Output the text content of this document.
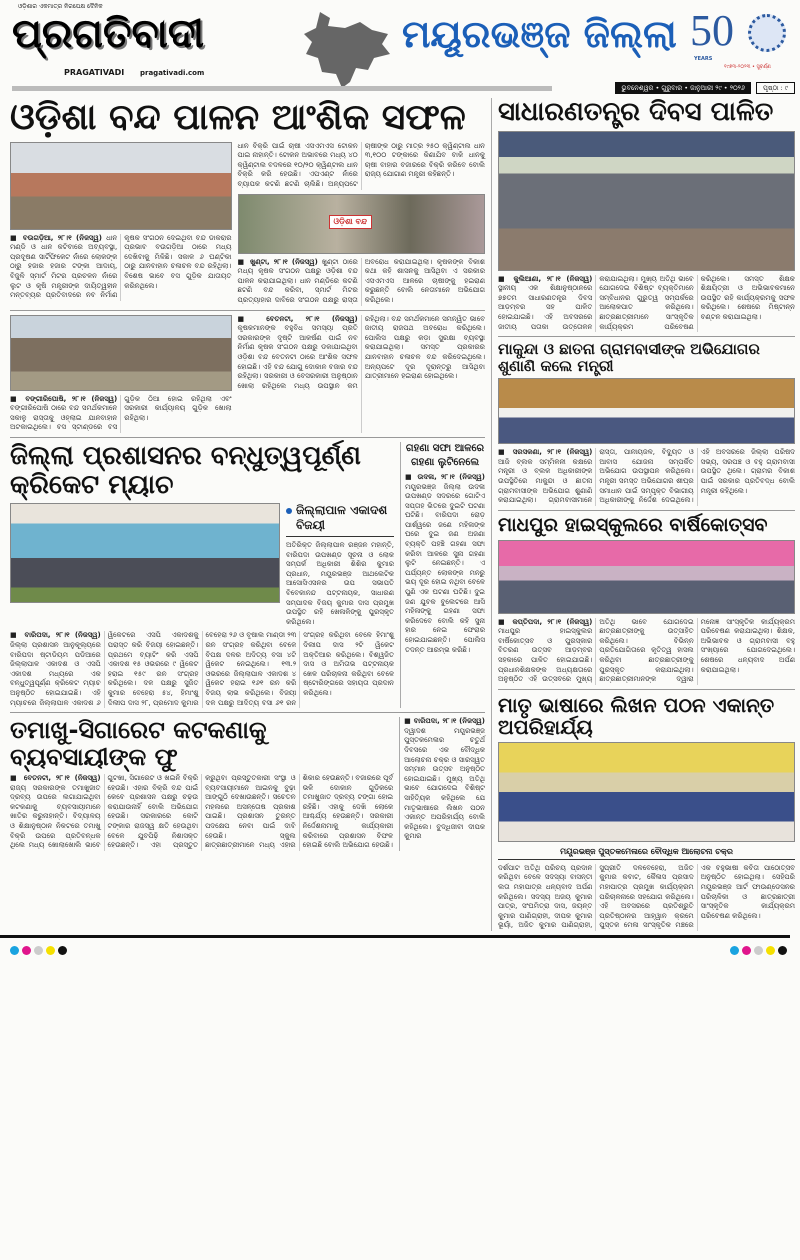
ଓଡ଼ିଶାର ଏକମାତ୍ର ନିରପେକ୍ଷ ଦୈନିକ
ପ୍ରଗତିବାଦୀ
PRAGATIVADI pragativadi.com
ମୟୂରଭଞ୍ଜ ଜିଲ୍ଲା 50
YEARS
୧୯୭୩-୨୦୨୩ • ସୁବର୍ଣ୍ଣ
ଭୁବନେଶ୍ୱର • ଗୁରୁବାର • ଜାନୁଆରୀ ୨୯ • ୨୦୨୬	ପୃଷ୍ଠା : ୯
ଓଡ଼ିଶା ବନ୍ଦ ପାଳନ ଆଂଶିକ ସଫଳ
■ ବଉଗଡ଼ିଆ, ୨୮।୧ (ନିଜସ୍ୱ) ଧାନ ମଣ୍ଡି ଓ ଧାନ କଟିବାରେ ଅବ୍ୟବସ୍ଥା, ପ୍ରଦୂଷଣ ସାର୍ଟିଫିକେଟ ନାଁରେ ଲୋକଙ୍କ ଠାରୁ ହଜାର ହଜାର ଟଙ୍କା ଆଦାୟ, ବିଜୁଳି ସ୍ମାର୍ଟ ମିଟର ପ୍ରଚଳନ ନାଁରେ ଲୁଟ ଓ କୃଷି ମନ୍ତ୍ରୀଙ୍କ ଦାୟିତ୍ୱହୀନ ମନ୍ତବ୍ୟର ପ୍ରତିବାଦରେ ନବ ନିର୍ମାଣ କୃଷକ ସଂଗଠନ ଦେଇଥିବା ବନ୍ଦ ଡାକରାର ପ୍ରଭାବ ବଉଗଡ଼ିଆ ଠାରେ ମଧ୍ୟ ଦେଖିବାକୁ ମିଳିଛି। ସକାଳ ୬ ଘଣ୍ଟିକା ଠାରୁ ଯାନବାହାନ ଚଳାଚଳ ବନ୍ଦ ରହିଥିଲା। ବିଶେଷ ଭାବେ ବସ ଗୁଡ଼ିକ ଯାତାୟତ କରିନଥିଲେ।
ଧାନ ବିକ୍ରି ପାଇଁ ଚାଷୀ ଏସଏମଏସ ଟୋକନ ପାଇ ନାହାନ୍ତି। ଟୋକନ ଅଭାବରେ ମଧ୍ୟ ୪୦ କ୍ୱିଣ୍ଟାଲ ବଦଳରେ ୧୦/୨୦ କ୍ୱିଣ୍ଟାଲ ଧାନ ବିକ୍ରି କରି ହେଉଛି। ଏପଏଣ୍ଟ ନାଁରେ ବ୍ୟାପକ କଟଣି ଛଟଣି ଚାଲିଛି। ଅନ୍ୟପଟେ ଚାଷୀଙ୍କ ଠାରୁ ମାତ୍ର ୨୫୦ କ୍ୱିଣ୍ଟାଲ ଧାନ ୩,୧୦୦ ଟଙ୍କାରେ କିଣାଯିବ ବାକି ଧାନକୁ ଚାଷୀ ବାହାର ବଜାରରେ ବିକ୍ରି କରିବେ ବୋଲି ରାଜ୍ୟ ଯୋଗାଣ ମନ୍ତ୍ରୀ କହିଛନ୍ତି।
ଓଡ଼ିଶା ବନ୍ଦ
■ ଖୁଣ୍ଟା, ୨୮।୧ (ନିଜସ୍ୱ) ଖୁଣ୍ଟା ଠାରେ ମଧ୍ୟ କୃଷକ ସଂଗଠନ ପକ୍ଷରୁ ଓଡ଼ିଶା ବନ୍ଦ ପାଳନ କରାଯାଇଥିଲା। ଧାନ ମଣ୍ଡିରେ କଟଣି ଛଟଣି ବନ୍ଦ କରିବା, ସ୍ମାର୍ଟ ମିଟର ପ୍ରତ୍ୟାହାର ଦାବିରେ ସଂଗଠନ ପକ୍ଷରୁ ରାସ୍ତା ଅବରୋଧ କରାଯାଇଥିଲା। କୃଷକଙ୍କ ବିକାଶ କଥା କହି ଶାସନକୁ ଆସିଥିବା ଏ ସରକାର ଏସଏମଏସ ଆଳରେ ଚାଷୀଙ୍କୁ ହଇରାଣ କରୁଛନ୍ତି ବୋଲି ନେତାମାନେ ଅଭିଯୋଗ କରିଥିଲେ।
■ ବଙ୍ଗୀରିପୋଷି, ୨୮।୧ (ନିଜସ୍ୱ) ବଙ୍ଗୀରିପୋଷି ଠାରେ ବନ୍ଦ ସମର୍ଥକମାନେ ସକାଳୁ ରାସ୍ତାକୁ ଓହ୍ଲାଇ ଯାନବାହାନ ଅଟକାଇଥିଲେ। ବସ ସ୍ଟାଣ୍ଡରେ ବସ ଗୁଡ଼ିକ ଠିଆ ହୋଇ ରହିଥିଲା ଏବଂ ସରକାରୀ କାର୍ଯ୍ୟାଳୟ ଗୁଡ଼ିକ ଖୋଲା ରହିଥିଲା।
■ ବେତନଟୀ, ୨୮।୧ (ନିଜସ୍ୱ) କୃଷକମାନଙ୍କ ବହୁବିଧ ସମସ୍ୟା ପ୍ରତି ସରକାରଙ୍କ ଦୃଷ୍ଟି ଆକର୍ଷଣ ପାଇଁ ନବ ନିର୍ମାଣ କୃଷକ ସଂଗଠନ ପକ୍ଷରୁ ଡକାଯାଇଥିବା ଓଡ଼ିଶା ବନ୍ଦ ବେତନଟୀ ଠାରେ ଆଂଶିକ ସଫଳ ହୋଇଛି। ଏହି ବନ୍ଦ ଯୋଗୁ ଦୋକାନ ବଜାର ବନ୍ଦ ରହିଥିଲା। ସରକାରୀ ଓ ବେସରକାରୀ ଅନୁଷ୍ଠାନ ଖୋଲା ରହିଥିଲେ ମଧ୍ୟ ଉପସ୍ଥାନ କମ ରହିଥିଲା। ବନ୍ଦ ସମର୍ଥକମାନେ ସମନ୍ୱିତ ଭାବେ ଜାତୀୟ ରାଜପଥ ଅବରୋଧ କରିଥିଲେ। ପୋଲିସ ପକ୍ଷରୁ କଡ଼ା ସୁରକ୍ଷା ବ୍ୟବସ୍ଥା କରାଯାଇଥିଲା। ସମସ୍ତ ପ୍ରକାରର ଯାନବାହାନ ଚଳାଚଳ ବନ୍ଦ କରିଦେଇଥିଲେ। ଅନ୍ୟପଟେ ଦୂର ଦୂରାନ୍ତରୁ ଆସିଥିବା ଯାତ୍ରୀମାନେ ହଇରାଣ ହୋଇଥିଲେ।
ଜିଲ୍ଲା ପ୍ରଶାସନର ବନ୍ଧୁତ୍ୱପୂର୍ଣ୍ଣ କ୍ରିକେଟ ମ୍ୟାଚ
ଜିଲ୍ଲାପାଳ ଏକାଦଶ ବିଜୟୀ
ଅତିରିକ୍ତ ଜିଲ୍ଲାପାଳ ରଞ୍ଜନ ମହାନ୍ତି, ବାରିପଦା ଉପଖଣ୍ଡ ସୂଚନା ଓ ଲୋକ ସମ୍ପର୍କ ଅଧିକାରୀ ଶିଶିର କୁମାର ପ୍ରଧାନ, ମୟୂରଭଞ୍ଜ ଆଥଲେଟିକ ଆସୋସିଏସନର ଉପ ସଭାପତି ବିବେକାନନ୍ଦ ପଟ୍ଟନାୟକ, ସାଧାରଣ ସମ୍ପାଦକ ବିଜୟ କୁମାର ଦାସ ପ୍ରମୁଖ ଉପସ୍ଥିତ ରହି ଖେଳାଳିଙ୍କୁ ପୁରସ୍କୃତ କରିଥିଲେ।
■ ବାରିପଦା, ୨୮।୧ (ନିଜସ୍ୱ) ଜିଲ୍ଲା ପ୍ରଶାସନ ଆନୁକୂଲ୍ୟରେ ବାରିପଦା ଷ୍ଟାଡିୟମ ପଡିଆରେ ଜିଲ୍ଲାପାଳ ଏକାଦଶ ଓ ଏସପି ଏକାଦଶ ମଧ୍ୟରେ ଏକ ବନ୍ଧୁତ୍ୱପୂର୍ଣ୍ଣ କ୍ରିକେଟ ମ୍ୟାଚ ଅନୁଷ୍ଠିତ ହୋଇଯାଇଛି। ଏହି ମ୍ୟାଚରେ ଜିଲ୍ଲାପାଳ ଏକାଦଶ ୬ ୱିକେଟରେ ଏସପି ଏକାଦଶକୁ ପରାସ୍ତ କରି ବିଜୟୀ ହୋଇଛନ୍ତି। ପ୍ରଥମେ ବ୍ୟାଟିଂ କରି ଏସପି ଏକାଦଶ ୧୫ ଓଭରରେ ୯ ୱିକେଟ ହରାଇ ୧୫୯ ରନ ସଂଗ୍ରହ କରିଥିଲେ। ଦଳ ପକ୍ଷରୁ ସୁଜିତ କୁମାର ବେହେରା ୫୪, ହିମାଂଶୁ ଦିଲୀପ ଦାସ ୨୮, ପ୍ରମୋଦ କୁମାର ବେହେରା ୨୬ ଓ ବୃଷାଲ ମାଣ୍ଡୀ ୨୩ ରନ ସଂଗ୍ରହ କରିଥିବା ବେଳେ ବିପକ୍ଷ ଦଳର ଅଦିତ୍ୟ ବସା ୪ଟି ୱିକେଟ ନେଇଥିଲେ। ୧୩.୨ ଓଭରରେ ଜିଲ୍ଲାପାଳ ଏକାଦଶ ୪ ୱିକେଟ ହରାଇ ୧୬୧ ରନ କରି ବିଜୟ ଲାଭ କରିଥିଲେ। ବିଜୟୀ ଦଳ ପକ୍ଷରୁ ଆଦିତ୍ୟ ବସା ୬୧ ରନ ସଂଗ୍ରହ କରିଥିବା ବେଳେ ହିମାଂଶୁ ଦିଲୀପ ଦାସ ୨ଟି ୱିକେଟ ଅକ୍ତିଆର କରିଥିଲେ। ବିଶ୍ୱଜିତ ଦାସ ଓ ଅମିତାଭ ପଟ୍ଟନାୟକ ଖେଳ ପରିଚାଳନା କରିଥିବା ବେଳେ ଷ୍ଟୋରିଙ୍ଗରେ ସହାୟତା ପ୍ରଦାନ କରିଥିଲେ।
ଗହଣା ସଫା ଆଳରେ ଗହଣା ଲୁଟିନେଲେ
■ ଉଦଳା, ୨୮।୧ (ନିଜସ୍ୱ) ମୟୂରଭଞ୍ଜ ଜିଲ୍ଲା ଉଦଳା ଉପଖଣ୍ଡ ସଦରରେ ଗୋଟିଏ ସପ୍ତାହ ଭିତରେ ଦୁଇଟି ଘଟଣା ଘଟିଛି। ବାରିପଦା ରୋଡ଼ ପାର୍ଶ୍ୱରେ ଜଣେ ମହିଳାଙ୍କ ଘରେ ଦୁଇ ଜଣ ଅଜଣା ବ୍ୟକ୍ତି ପହଞ୍ଚି ଗହଣା ସଫା କରିବା ଆଳରେ ସୁନା ଗହଣା ଲୁଟି ନେଇଛନ୍ତି। ଏ ପର୍ଯ୍ୟନ୍ତ ଲୋକଙ୍କ ମନରୁ ଭୟ ଦୂର ହୋଇ ନଥିବା ବେଳେ ପୁଣି ଏକ ଘଟଣା ଘଟିଛି। ଦୁଇ ଜଣ ଯୁବକ ବୁଲେଟରେ ଆସି ମହିଳାଙ୍କୁ ଗହଣା ସଫା କରିଦେବେ ବୋଲି କହି ସୁନା ହାର ନେଇ ଫେରାର ହୋଇଯାଇଛନ୍ତି। ପୋଲିସ ତଦନ୍ତ ଆରମ୍ଭ କରିଛି।
ତମାଖୁ-ସିଗାରେଟ କଟକଣାକୁ ବ୍ୟବସାୟୀଙ୍କ ଫୁ
■ ବେତନଟୀ, ୨୮।୧ (ନିଜସ୍ୱ) ରାଜ୍ୟ ସରକାରଙ୍କ ତମାଖୁଜାତ ଦ୍ରବ୍ୟ ଉପରେ ଲଗାଯାଇଥିବା କଟକଣାକୁ ବ୍ୟବସାୟୀମାନେ ଖାତିର କରୁନାହାନ୍ତି। ବିଦ୍ୟାଳୟ ଓ ଶିକ୍ଷାନୁଷ୍ଠାନ ନିକଟରେ ତମାଖୁ ବିକ୍ରି ଉପରେ ପ୍ରତିବନ୍ଧକ ଥିଲେ ମଧ୍ୟ ଖୋଲାଖୋଲି ଭାବେ ଗୁଟଖା, ସିଗାରେଟ ଓ ଖଇନି ବିକ୍ରି ହେଉଛି। ଏହାର ବିକ୍ରି ବନ୍ଦ ପାଇଁ କେବେ ପ୍ରଶାସନ ପକ୍ଷରୁ ଚଢ଼ଉ କରାଯାଉନାହିଁ ବୋଲି ଅଭିଯୋଗ ହେଉଛି। ସରକାରରେ କୋଟି ଟଙ୍କାର ରାଜସ୍ୱ କ୍ଷତି ହେଉଥିବା ବେଳେ ଯୁବପିଢ଼ି ନିଶାସକ୍ତ ହେଉଛନ୍ତି। ଏହା ପ୍ରସ୍ତୁତ କରୁଥିବା ପ୍ରସ୍ତୁତକାରୀ ସଂସ୍ଥା ଓ ବ୍ୟବସାୟୀମାନେ ଆଇନକୁ ବୁଢ଼ା ଆଙ୍ଗୁଠି ଦେଖାଉଛନ୍ତି। ସଚେତନ ମହଲରେ ଅସନ୍ତୋଷ ପ୍ରକାଶ ପାଇଛି। ପ୍ରଶାସନ ତୁରନ୍ତ ପଦକ୍ଷେପ ନେବା ପାଇଁ ଦାବି ହେଉଛି। ସ୍କୁଲ ଛାତ୍ରଛାତ୍ରୀମାନେ ମଧ୍ୟ ଏହାର ଶିକାର ହେଉଛନ୍ତି। ବଜାରରେ ପୂର୍ବ ଭଳି ଦୋକାନ ଗୁଡ଼ିକରେ ତମାଖୁଜାତ ଦ୍ରବ୍ୟ ଟଙ୍ଗା ହୋଇ ରହିଛି। ଏହାକୁ ଦେଖି ଲୋକେ ଆଶ୍ଚର୍ଯ୍ୟ ହେଉଛନ୍ତି। ସରକାରୀ ନିର୍ଦ୍ଦେଶନାମାକୁ କାର୍ଯ୍ୟକାରୀ କରିବାରେ ପ୍ରଶାସନ ବିଫଳ ହୋଇଛି ବୋଲି ଅଭିଯୋଗ ହେଉଛି।
■ ବାରିପଦା, ୨୮।୧ (ନିଜସ୍ୱ) ଦ୍ୱାଦଶ ମୟୂରଭଞ୍ଜ ପୁସ୍ତକମେଳାର ଚତୁର୍ଥ ଦିବସରେ ଏକ ବୌଦ୍ଧିକ ଆଲୋଚନା ଚକ୍ର ଓ ସାରସ୍ୱତ ସମ୍ମାନ ଉତ୍ସବ ଅନୁଷ୍ଠିତ ହୋଇଯାଇଛି। ମୁଖ୍ୟ ଅତିଥି ଭାବେ ଯୋଗଦେଇ ବିଶିଷ୍ଟ ସାହିତ୍ୟିକ କହିଥିଲେ ଯେ ମାତୃଭାଷାରେ ଲିଖନ ପଠନ ଏକାନ୍ତ ଅପରିହାର୍ଯ୍ୟ ବୋଲି କହିଥିଲେ। ବୁଦ୍ଧିଜୀବୀ ଦୀପକ କୁମାର
ସାଧାରଣତନ୍ତ୍ର ଦିବସ ପାଳିତ
■ କୁଲିଆଣା, ୨୮।୧ (ନିଜସ୍ୱ) ସ୍ଥାନୀୟ ଏକ ଶିକ୍ଷାନୁଷ୍ଠାନରେ ୭୭ତମ ସାଧାରଣତନ୍ତ୍ର ଦିବସ ଆଡ଼ମ୍ବର ସହ ପାଳିତ ହୋଇଯାଇଛି। ଏହି ଅବସରରେ ଜାତୀୟ ପତାକା ଉତ୍ତୋଳନ କରାଯାଇଥିଲା। ମୁଖ୍ୟ ଅତିଥି ଭାବେ ଯୋଗଦେଇ ବିଶିଷ୍ଟ ବ୍ୟକ୍ତିମାନେ ସମ୍ବିଧାନର ଗୁରୁତ୍ୱ ସମ୍ପର୍କରେ ଆଲୋକପାତ କରିଥିଲେ। ଛାତ୍ରଛାତ୍ରୀମାନେ ସାଂସ୍କୃତିକ କାର୍ଯ୍ୟକ୍ରମ ପରିବେଷଣ କରିଥିଲେ। ସମସ୍ତ ଶିକ୍ଷକ ଶିକ୍ଷୟିତ୍ରୀ ଓ ଅଭିଭାବକମାନେ ଉପସ୍ଥିତ ରହି କାର୍ଯ୍ୟକ୍ରମକୁ ସଫଳ କରିଥିଲେ। ଶେଷରେ ମିଷ୍ଟାନ୍ନ ବଣ୍ଟନ କରାଯାଇଥିଲା।
ମାକୁନ୍ଦା ଓ ଛାତନା ଗ୍ରାମବାସୀଙ୍କ ଅଭିଯୋଗର ଶୁଣାଣି କଲେ ମନ୍ତ୍ରୀ
■ ସରସକଣା, ୨୮।୧ (ନିଜସ୍ୱ) ଆଜି ବ୍ଲକ ସମ୍ମିଳନୀ କକ୍ଷରେ ମନ୍ତ୍ରୀ ଓ ବ୍ଲକ ଅଧିକାରୀଙ୍କ ଉପସ୍ଥିତିରେ ମାକୁନ୍ଦା ଓ ଛାତନା ଗ୍ରାମବାସୀଙ୍କ ଅଭିଯୋଗ ଶୁଣାଣି କରାଯାଇଥିଲା। ଗ୍ରାମବାସୀମାନେ ରାସ୍ତା, ପାନୀୟଜଳ, ବିଦ୍ୟୁତ ଓ ଆବାସ ଯୋଜନା ସମ୍ପର୍କିତ ଅଭିଯୋଗ ଉପସ୍ଥାପନ କରିଥିଲେ। ମନ୍ତ୍ରୀ ସମସ୍ତ ଅଭିଯୋଗର ଶୀଘ୍ର ସମାଧାନ ପାଇଁ ସମ୍ପୃକ୍ତ ବିଭାଗୀୟ ଅଧିକାରୀଙ୍କୁ ନିର୍ଦ୍ଦେଶ ଦେଇଥିଲେ। ଏହି ଅବସରରେ ଜିଲ୍ଲା ପରିଷଦ ସଭ୍ୟ, ସରପଞ୍ଚ ଓ ବହୁ ଗ୍ରାମବାସୀ ଉପସ୍ଥିତ ଥିଲେ। ଗ୍ରାମର ବିକାଶ ପାଇଁ ସରକାର ପ୍ରତିବଦ୍ଧ ବୋଲି ମନ୍ତ୍ରୀ କହିଥିଲେ।
ମାଧପୁର ହାଇସ୍କୁଲରେ ବାର୍ଷିକୋତ୍ସବ
■ କପ୍ତିପଦା, ୨୮।୧ (ନିଜସ୍ୱ) ମାଧପୁର ହାଇସ୍କୁଲର ବାର୍ଷିକୋତ୍ସବ ଓ ପୁରସ୍କାର ବିତରଣ ଉତ୍ସବ ଆଡ଼ମ୍ବର ସହକାରେ ପାଳିତ ହୋଇଯାଇଛି। ପ୍ରଧାନଶିକ୍ଷକଙ୍କ ଅଧ୍ୟକ୍ଷତାରେ ଅନୁଷ୍ଠିତ ଏହି ଉତ୍ସବରେ ମୁଖ୍ୟ ଅତିଥି ଭାବେ ଯୋଗଦେଇ ଛାତ୍ରଛାତ୍ରୀଙ୍କୁ ଉତ୍ସାହିତ କରିଥିଲେ। ବିଭିନ୍ନ ପ୍ରତିଯୋଗିତାରେ କୃତିତ୍ୱ ହାସଲ କରିଥିବା ଛାତ୍ରଛାତ୍ରୀଙ୍କୁ ପୁରସ୍କୃତ କରାଯାଇଥିଲା। ଛାତ୍ରଛାତ୍ରୀମାନଙ୍କ ଦ୍ୱାରା ମନୋଜ୍ଞ ସାଂସ୍କୃତିକ କାର୍ଯ୍ୟକ୍ରମ ପରିବେଷଣ କରାଯାଇଥିଲା। ଶିକ୍ଷକ, ଅଭିଭାବକ ଓ ଗ୍ରାମବାସୀ ବହୁ ସଂଖ୍ୟାରେ ଯୋଗଦେଇଥିଲେ। ଶେଷରେ ଧନ୍ୟବାଦ ଅର୍ପଣ କରାଯାଇଥିଲା।
ମାତୃ ଭାଷାରେ ଲିଖନ ପଠନ ଏକାନ୍ତ ଅପରିହାର୍ଯ୍ୟ
ମୟୂରଭଞ୍ଜ ପୁସ୍ତକମେଳାରେ ବୌଦ୍ଧିକ ଆଲୋଚନା ଚକ୍ର
ଦର୍ଶପାଟ ଅତିଥି ପରିଚୟ ପ୍ରଦାନ କରିଥିବା ବେଳେ ସଦସ୍ୟା ବାସନ୍ତୀ ଲତା ମହାପାତ୍ର ଧନ୍ୟବାଦ ଅର୍ପଣ କରିଥିଲେ। ସଦସ୍ୟ ଅଜୟ କୁମାର ପାତ୍ର, ସଂଘମିତ୍ରା ଦାସ, ଜୟନ୍ତ କୁମାର ପାଣିଗ୍ରାହୀ, ଦୀପକ କୁମାର ଭୂୟାଁ, ଅଜିତ କୁମାର ପାଣିଗ୍ରାହୀ, ସୁପ୍ରୀତି ଦଳବେହେରା, ଅଜିତ କୁମାର କବାଟ, କୈଳାସ ପ୍ରସାଦ ମହାପାତ୍ର ପ୍ରମୁଖ କାର୍ଯ୍ୟକ୍ରମ ପରିଚାଳନାରେ ସହଯୋଗ କରିଥିଲେ। ଏହି ଅବସରରେ ପ୍ରତିଶ୍ରୁତି ପ୍ରତିଷ୍ଠାନର ଆହ୍ୱାନ କ୍ରମେ ପୁସ୍ତକ ମେଳା ସାଂସ୍କୃତିକ ମଞ୍ଚରେ ଏକ ବହୁଭାଷୀ କବିତା ପାଠୋତ୍ସବ ଅନୁଷ୍ଠିତ ହୋଇଥିଲା। ସେହିପରି ମୟୂରଭଞ୍ଜ ଆର୍ଟ ଫାଉଣ୍ଡେସନର ପରିଚାଳିକା ଓ ଛାତ୍ରଛାତ୍ରୀ ସାଂସ୍କୃତିକ କାର୍ଯ୍ୟକ୍ରମ ପରିବେଷଣ କରିଥିଲେ।
